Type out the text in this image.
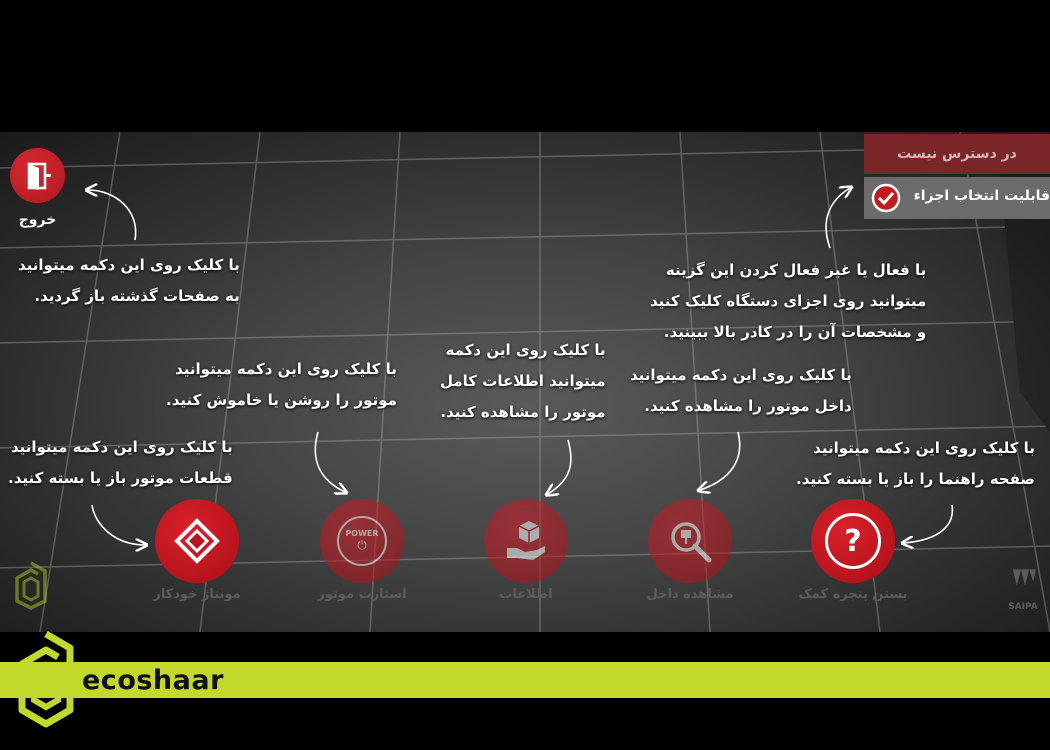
ecoshaar
SAIPA
خروج
در دسترس نیست
قابلیت انتخاب اجزاء
با کلیک روی این دکمه میتوانید
به صفحات گذشته باز گردید.
با فعال یا غیر فعال کردن این گزینه
میتوانید روی اجزای دستگاه کلیک کنید
و مشخصات آن را در کادر بالا ببینید.
با کلیک روی این دکمه میتوانید
موتور را روشن یا خاموش کنید.
با کلیک روی این دکمه
میتوانید اطلاعات کامل
موتور را مشاهده کنید.
با کلیک روی این دکمه میتوانید
داخل موتور را مشاهده کنید.
با کلیک روی این دکمه میتوانید
قطعات موتور باز یا بسته کنید.
با کلیک روی این دکمه میتوانید
صفحه راهنما را باز یا بسته کنید.
مونتاژ خودکار
POWER
⏻
استارت موتور	اطلاعات	مشاهده داخل
?
بستن پنجره کمک
